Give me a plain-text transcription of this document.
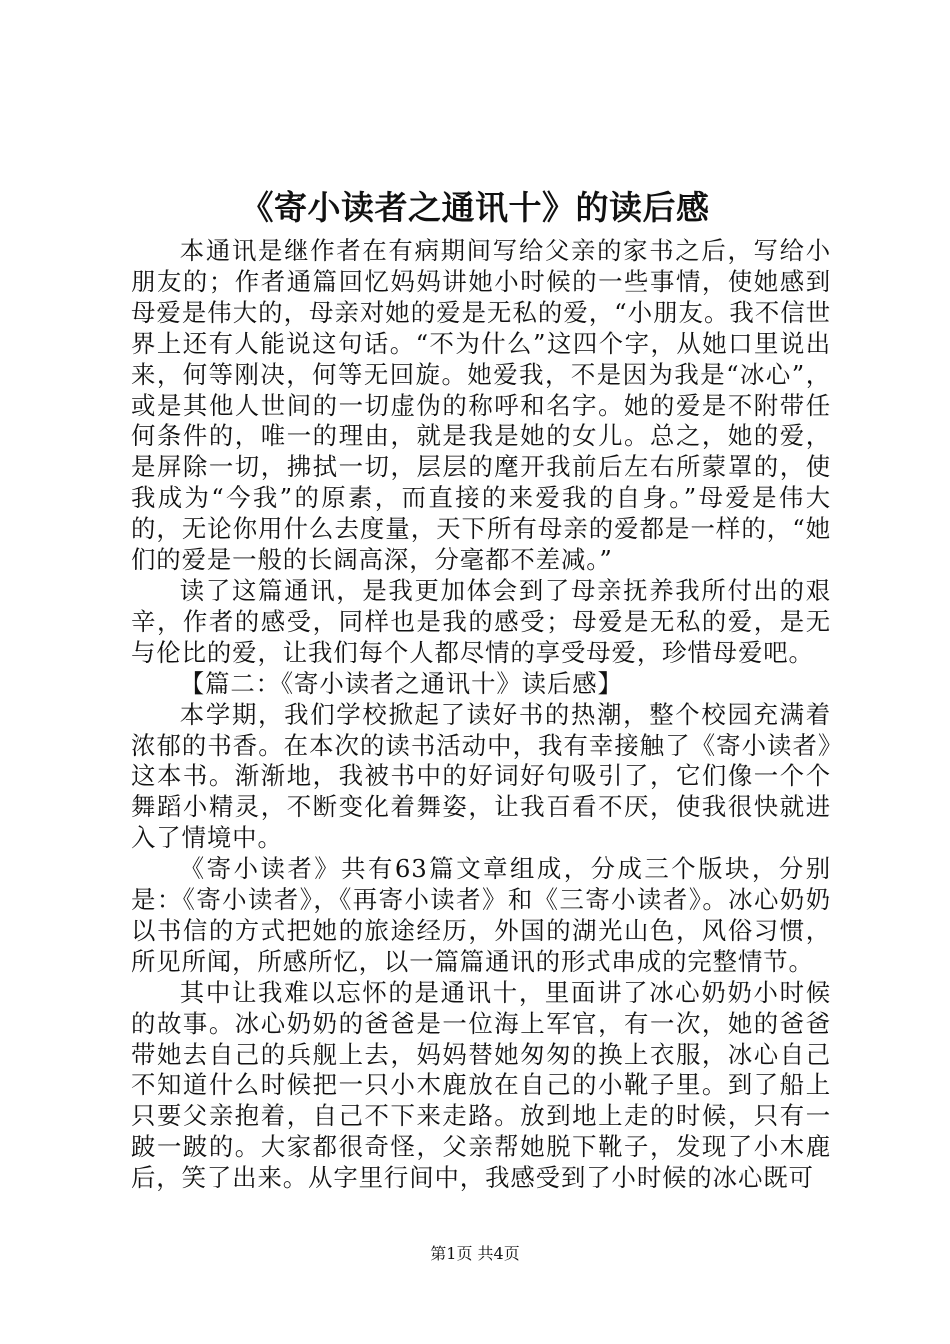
《寄小读者之通讯十》的读后感

本通讯是继作者在有病期间写给父亲的家书之后，写给小朋友的；作者通篇回忆妈妈讲她小时候的一些事情，使她感到母爱是伟大的，母亲对她的爱是无私的爱，“小朋友。我不信世界上还有人能说这句话。“不为什么”这四个字，从她口里说出来，何等刚决，何等无回旋。她爱我，不是因为我是“冰心”，或是其他人世间的一切虚伪的称呼和名字。她的爱是不附带任何条件的，唯一的理由，就是我是她的女儿。总之，她的爱，是屏除一切，拂拭一切，层层的麾开我前后左右所蒙罩的，使我成为“今我”的原素，而直接的来爱我的自身。”母爱是伟大的，无论你用什么去度量，天下所有母亲的爱都是一样的，“她们的爱是一般的长阔高深，分毫都不差减。”

读了这篇通讯，是我更加体会到了母亲抚养我所付出的艰辛，作者的感受，同样也是我的感受；母爱是无私的爱，是无与伦比的爱，让我们每个人都尽情的享受母爱，珍惜母爱吧。

【篇二：《寄小读者之通讯十》读后感】

本学期，我们学校掀起了读好书的热潮，整个校园充满着浓郁的书香。在本次的读书活动中，我有幸接触了《寄小读者》这本书。渐渐地，我被书中的好词好句吸引了，它们像一个个舞蹈小精灵，不断变化着舞姿，让我百看不厌，使我很快就进入了情境中。

《寄小读者》共有63篇文章组成，分成三个版块，分别是：《寄小读者》，《再寄小读者》和《三寄小读者》。冰心奶奶以书信的方式把她的旅途经历，外国的湖光山色，风俗习惯，所见所闻，所感所忆，以一篇篇通讯的形式串成的完整情节。

其中让我难以忘怀的是通讯十，里面讲了冰心奶奶小时候的故事。冰心奶奶的爸爸是一位海上军官，有一次，她的爸爸带她去自己的兵舰上去，妈妈替她匆匆的换上衣服，冰心自己不知道什么时候把一只小木鹿放在自己的小靴子里。到了船上只要父亲抱着，自己不下来走路。放到地上走的时候，只有一跛一跛的。大家都很奇怪，父亲帮她脱下靴子，发现了小木鹿后，笑了出来。从字里行间中，我感受到了小时候的冰心既可

第1页 共4页
